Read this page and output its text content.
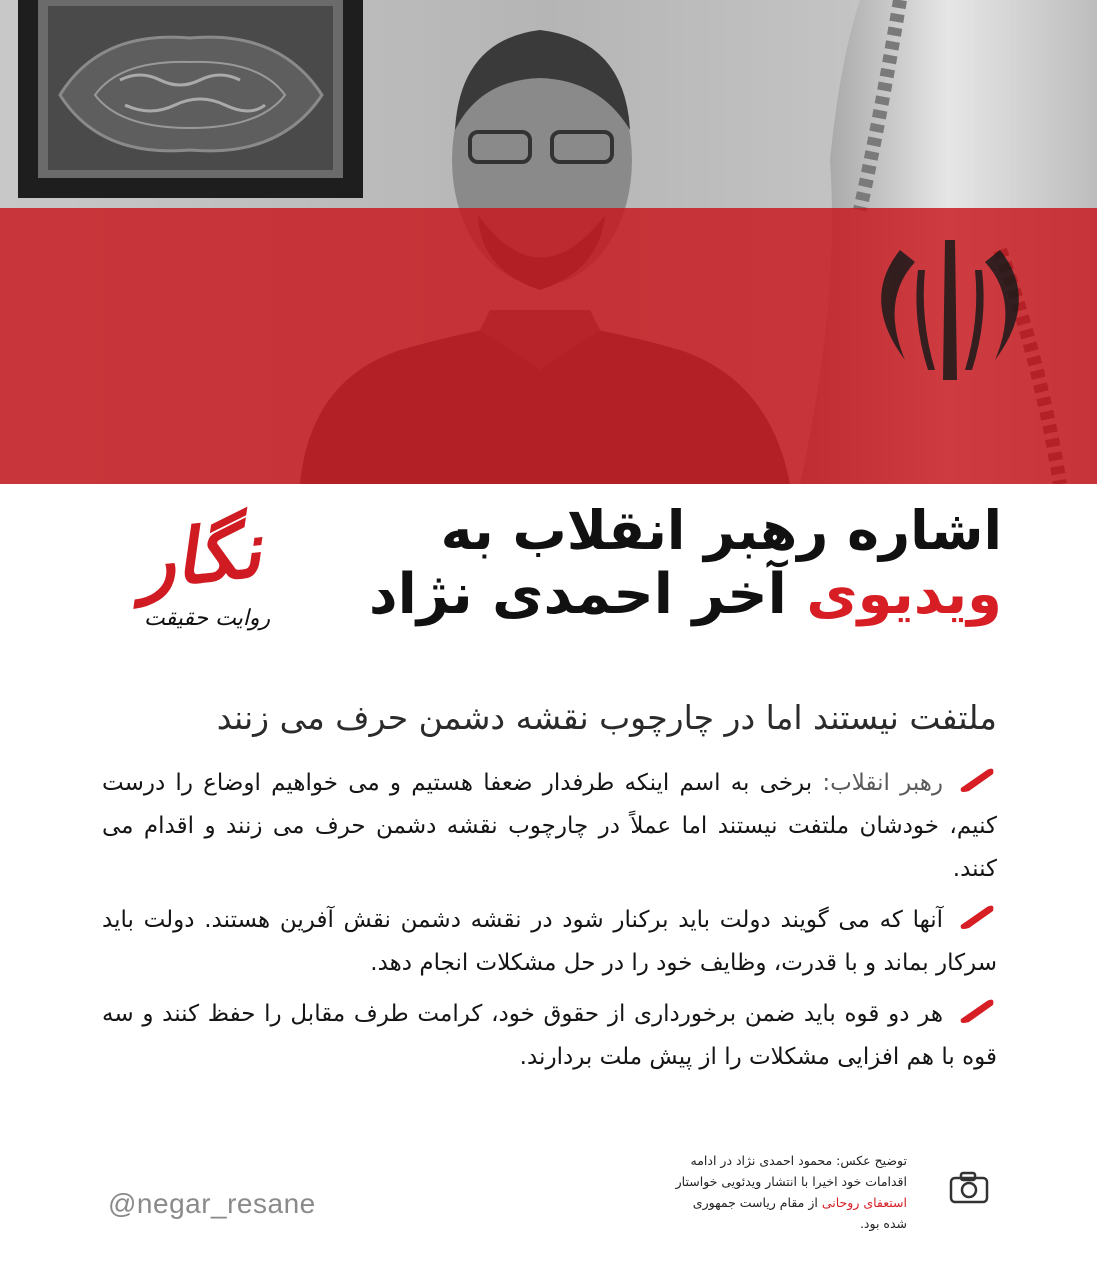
نگار
روایت حقیقت

اشاره رهبر انقلاب به

ویدیوی آخر احمدی نژاد

ملتفت نیستند اما در چارچوب نقشه دشمن حرف می زنند

رهبر انقلاب: برخی به اسم اینکه طرفدار ضعفا هستیم و می خواهیم اوضاع را درست کنیم، خودشان ملتفت نیستند اما عملاً در چارچوب نقشه دشمن حرف می زنند و اقدام می کنند.

آنها که می گویند دولت باید برکنار شود در نقشه دشمن نقش آفرین هستند. دولت باید سرکار بماند و با قدرت، وظایف خود را در حل مشکلات انجام دهد.

هر دو قوه باید ضمن برخورداری از حقوق خود، کرامت طرف مقابل را حفظ کنند و سه قوه با هم افزایی مشکلات را از پیش ملت بردارند.

@negar_resane
توضیح عکس: محمود احمدی نژاد در ادامه اقدامات خود اخیرا با انتشار ویدئویی خواستار استعفای روحانی از مقام ریاست جمهوری شده بود.
